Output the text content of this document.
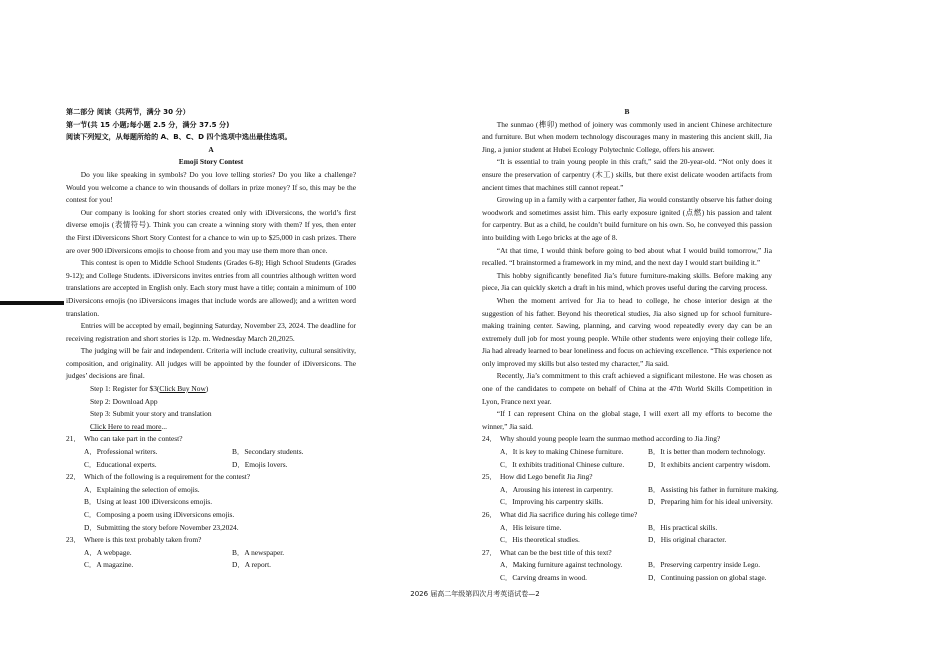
第二部分 阅读（共两节，满分 30 分）
第一节(共 15 小题;每小题 2.5 分，满分 37.5 分)
阅读下列短文，从每题所给的 A、B、C、D 四个选项中选出最佳选项。
A
Emoji Story Contest
Do you like speaking in symbols? Do you love telling stories? Do you like a challenge? Would you welcome a chance to win thousands of dollars in prize money? If so, this may be the contest for you!
Our company is looking for short stories created only with iDiversicons, the world’s first diverse emojis (表情符号). Think you can create a winning story with them? If yes, then enter the First iDiversicons Short Story Contest for a chance to win up to $25,000 in cash prizes. There are over 900 iDiversicons emojis to choose from and you may use them more than once.
This contest is open to Middle School Students (Grades 6-8); High School Students (Grades 9-12); and College Students. iDiversicons invites entries from all countries although written word translations are accepted in English only. Each story must have a title; contain a minimum of 100 iDiversicons emojis (no iDiversicons images that include words are allowed); and a written word translation.
Entries will be accepted by email, beginning Saturday, November 23, 2024. The deadline for receiving registration and short stories is 12p. m. Wednesday March 20,2025.
The judging will be fair and independent. Criteria will include creativity, cultural sensitivity, composition, and originality. All judges will be appointed by the founder of iDiversicons. The judges’ decisions are final.
Step 1: Register for $3(Click Buy Now)
Step 2: Download App
Step 3: Submit your story and translation
Click Here to read more...
21． Who can take part in the contest?
A．Professional writers.	B．Secondary students.
C．Educational experts.	D．Emojis lovers.
22． Which of the following is a requirement for the contest?
A．Explaining the selection of emojis.
B．Using at least 100 iDiversicons emojis.
C．Composing a poem using iDiversicons emojis.
D．Submitting the story before November 23,2024.
23． Where is this text probably taken from?
A．A webpage.	B．A newspaper.
C．A magazine.	D．A report.
B
The sunmao (榫卯) method of joinery was commonly used in ancient Chinese architecture and furniture. But when modern technology discourages many in mastering this ancient skill, Jia Jing, a junior student at Hubei Ecology Polytechnic College, offers his answer.
“It is essential to train young people in this craft,” said the 20-year-old. “Not only does it ensure the preservation of carpentry (木工) skills, but there exist delicate wooden artifacts from ancient times that machines still cannot repeat.”
Growing up in a family with a carpenter father, Jia would constantly observe his father doing woodwork and sometimes assist him. This early exposure ignited (点燃) his passion and talent for carpentry. But as a child, he couldn’t build furniture on his own. So, he conveyed this passion into building with Lego bricks at the age of 8.
“At that time, I would think before going to bed about what I would build tomorrow,” Jia recalled. “I brainstormed a framework in my mind, and the next day I would start building it.”
This hobby significantly benefited Jia’s future furniture-making skills. Before making any piece, Jia can quickly sketch a draft in his mind, which proves useful during the carving process.
When the moment arrived for Jia to head to college, he chose interior design at the suggestion of his father. Beyond his theoretical studies, Jia also signed up for school furniture-making training center. Sawing, planning, and carving wood repeatedly every day can be an extremely dull job for most young people. While other students were enjoying their college life, Jia had already learned to bear loneliness and focus on achieving excellence. “This experience not only improved my skills but also tested my character,” Jia said.
Recently, Jia’s commitment to this craft achieved a significant milestone. He was chosen as one of the candidates to compete on behalf of China at the 47th World Skills Competition in Lyon, France next year.
“If I can represent China on the global stage, I will exert all my efforts to become the winner,” Jia said.
24． Why should young people learn the sunmao method according to Jia Jing?
A．It is key to making Chinese furniture.	B．It is better than modern technology.
C．It exhibits traditional Chinese culture.	D．It exhibits ancient carpentry wisdom.
25． How did Lego benefit Jia Jing?
A．Arousing his interest in carpentry.	B．Assisting his father in furniture making.
C．Improving his carpentry skills.	D．Preparing him for his ideal university.
26． What did Jia sacrifice during his college time?
A．His leisure time.	B．His practical skills.
C．His theoretical studies.	D．His original character.
27． What can be the best title of this text?
A．Making furniture against technology.	B．Preserving carpentry inside Lego.
C．Carving dreams in wood.	D．Continuing passion on global stage.
2026 届高二年级第四次月考英语试卷—2
